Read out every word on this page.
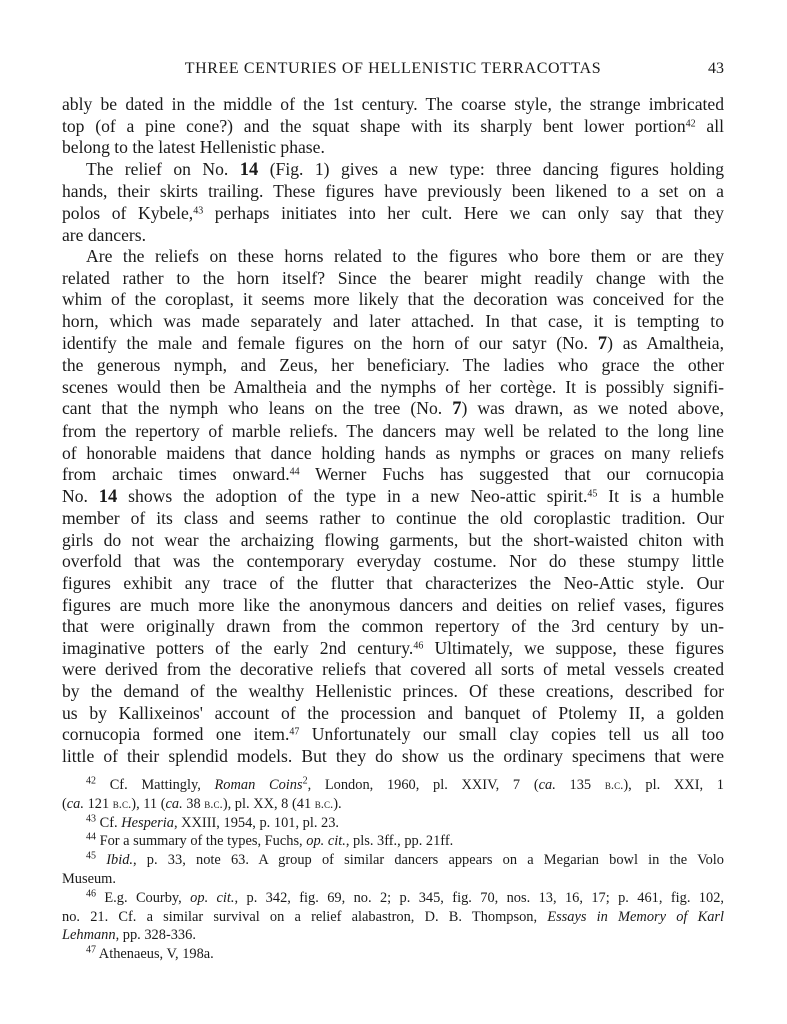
THREE CENTURIES OF HELLENISTIC TERRACOTTAS	43

ably be dated in the middle of the 1st century. The coarse style, the strange imbricated
top (of a pine cone?) and the squat shape with its sharply bent lower portion$^{42}$ all
belong to the latest Hellenistic phase.

The relief on No. 14 (Fig. 1) gives a new type: three dancing figures holding
hands, their skirts trailing. These figures have previously been likened to a set on a
polos of Kybele,$^{43}$ perhaps initiates into her cult. Here we can only say that they
are dancers.

Are the reliefs on these horns related to the figures who bore them or are they
related rather to the horn itself? Since the bearer might readily change with the
whim of the coroplast, it seems more likely that the decoration was conceived for the
horn, which was made separately and later attached. In that case, it is tempting to
identify the male and female figures on the horn of our satyr (No. 7) as Amaltheia,
the generous nymph, and Zeus, her beneficiary. The ladies who grace the other
scenes would then be Amaltheia and the nymphs of her cortège. It is possibly signifi-
cant that the nymph who leans on the tree (No. 7) was drawn, as we noted above,
from the repertory of marble reliefs. The dancers may well be related to the long line
of honorable maidens that dance holding hands as nymphs or graces on many reliefs
from archaic times onward.$^{44}$ Werner Fuchs has suggested that our cornucopia
No. 14 shows the adoption of the type in a new Neo-attic spirit.$^{45}$ It is a humble
member of its class and seems rather to continue the old coroplastic tradition. Our
girls do not wear the archaizing flowing garments, but the short-waisted chiton with
overfold that was the contemporary everyday costume. Nor do these stumpy little
figures exhibit any trace of the flutter that characterizes the Neo-Attic style. Our
figures are much more like the anonymous dancers and deities on relief vases, figures
that were originally drawn from the common repertory of the 3rd century by un-
imaginative potters of the early 2nd century.$^{46}$ Ultimately, we suppose, these figures
were derived from the decorative reliefs that covered all sorts of metal vessels created
by the demand of the wealthy Hellenistic princes. Of these creations, described for
us by Kallixeinos' account of the procession and banquet of Ptolemy II, a golden
cornucopia formed one item.$^{47}$ Unfortunately our small clay copies tell us all too
little of their splendid models. But they do show us the ordinary specimens that were

$^{42}$ Cf. Mattingly, Roman Coins$^2$, London, 1960, pl. XXIV, 7 (ca. 135 b.c.), pl. XXI, 1
(ca. 121 b.c.), 11 (ca. 38 b.c.), pl. XX, 8 (41 b.c.).

$^{43}$ Cf. Hesperia, XXIII, 1954, p. 101, pl. 23.

$^{44}$ For a summary of the types, Fuchs, op. cit., pls. 3ff., pp. 21ff.

$^{45}$ Ibid., p. 33, note 63. A group of similar dancers appears on a Megarian bowl in the Volo
Museum.

$^{46}$ E.g. Courby, op. cit., p. 342, fig. 69, no. 2; p. 345, fig. 70, nos. 13, 16, 17; p. 461, fig. 102,
no. 21. Cf. a similar survival on a relief alabastron, D. B. Thompson, Essays in Memory of Karl
Lehmann, pp. 328-336.

$^{47}$ Athenaeus, V, 198a.
